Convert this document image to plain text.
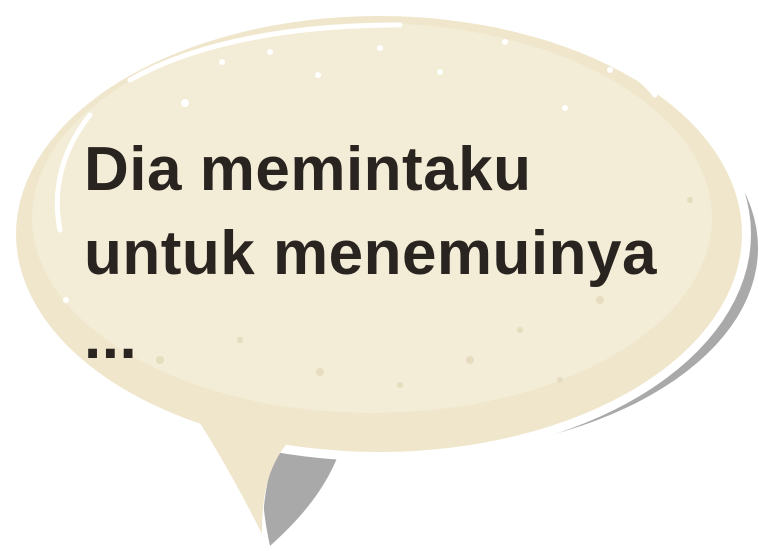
Dia memintaku
untuk menemuinya
...
